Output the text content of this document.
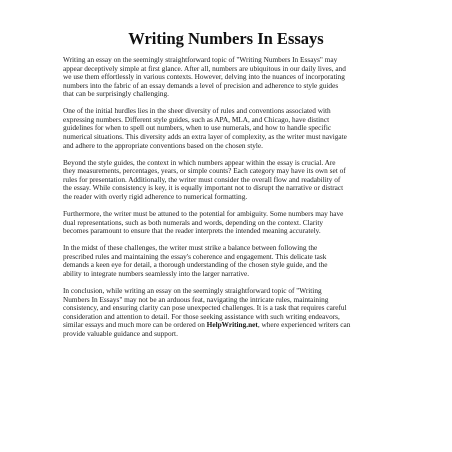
Writing Numbers In Essays

Writing an essay on the seemingly straightforward topic of "Writing Numbers In Essays" may
appear deceptively simple at first glance. After all, numbers are ubiquitous in our daily lives, and
we use them effortlessly in various contexts. However, delving into the nuances of incorporating
numbers into the fabric of an essay demands a level of precision and adherence to style guides
that can be surprisingly challenging.

One of the initial hurdles lies in the sheer diversity of rules and conventions associated with
expressing numbers. Different style guides, such as APA, MLA, and Chicago, have distinct
guidelines for when to spell out numbers, when to use numerals, and how to handle specific
numerical situations. This diversity adds an extra layer of complexity, as the writer must navigate
and adhere to the appropriate conventions based on the chosen style.

Beyond the style guides, the context in which numbers appear within the essay is crucial. Are
they measurements, percentages, years, or simple counts? Each category may have its own set of
rules for presentation. Additionally, the writer must consider the overall flow and readability of
the essay. While consistency is key, it is equally important not to disrupt the narrative or distract
the reader with overly rigid adherence to numerical formatting.

Furthermore, the writer must be attuned to the potential for ambiguity. Some numbers may have
dual representations, such as both numerals and words, depending on the context. Clarity
becomes paramount to ensure that the reader interprets the intended meaning accurately.

In the midst of these challenges, the writer must strike a balance between following the
prescribed rules and maintaining the essay's coherence and engagement. This delicate task
demands a keen eye for detail, a thorough understanding of the chosen style guide, and the
ability to integrate numbers seamlessly into the larger narrative.

In conclusion, while writing an essay on the seemingly straightforward topic of "Writing
Numbers In Essays" may not be an arduous feat, navigating the intricate rules, maintaining
consistency, and ensuring clarity can pose unexpected challenges. It is a task that requires careful
consideration and attention to detail. For those seeking assistance with such writing endeavors,
similar essays and much more can be ordered on HelpWriting.net, where experienced writers can
provide valuable guidance and support.
